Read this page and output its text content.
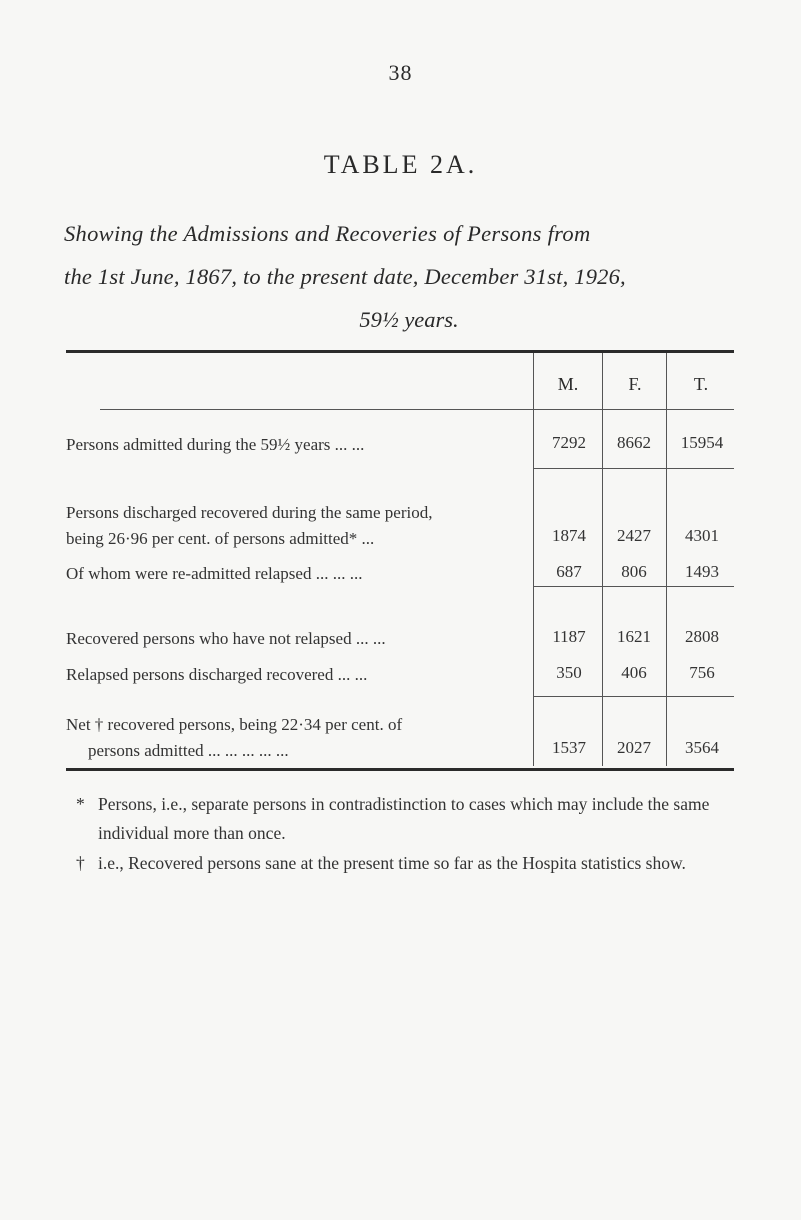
38
TABLE 2A.
Showing the Admissions and Recoveries of Persons from
the 1st June, 1867, to the present date, December 31st, 1926,
59½ years.
M.	F.	T.
Persons admitted during the 59½ years ... ...	7292	8662	15954
Persons discharged recovered during the same period,
being 26·96 per cent. of persons admitted* ...	1874	2427	4301
Of whom were re-admitted relapsed ... ... ...	687	806	1493
Recovered persons who have not relapsed ... ...	1187	1621	2808
Relapsed persons discharged recovered ... ...	350	406	756
Net † recovered persons, being 22·34 per cent. of
persons admitted ... ... ... ... ...	1537	2027	3564
* Persons, i.e., separate persons in contradistinction to cases which may include the same individual more than once.
† i.e., Recovered persons sane at the present time so far as the Hospita statistics show.
